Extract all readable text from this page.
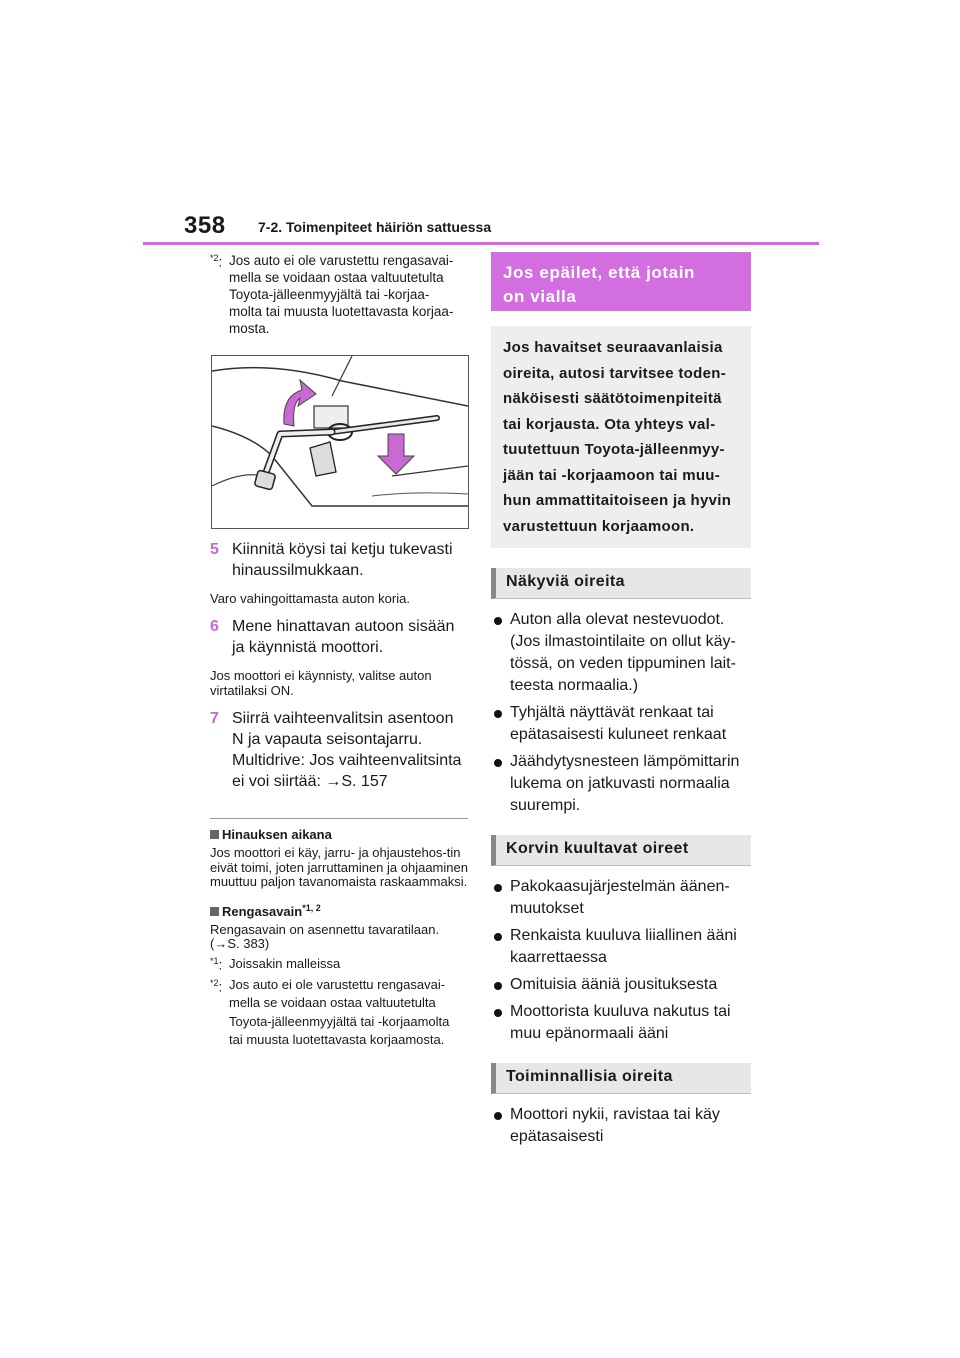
358 7-2. Toimenpiteet häiriön sattuessa
$^{*2}$: Jos auto ei ole varustettu rengasavai-
mella se voidaan ostaa valtuutetulta
Toyota-jälleenmyyjältä tai -korjaa-
molta tai muusta luotettavasta korjaa-
mosta.
5 Kiinnitä köysi tai ketju tukevasti
hinaussilmukkaan.
Varo vahingoittamasta auton koria.
6 Mene hinattavan autoon sisään
ja käynnistä moottori.
Jos moottori ei käynnisty, valitse auton virtatilaksi ON.
7 Siirrä vaihteenvalitsin asentoon
N ja vapauta seisontajarru.
Multidrive: Jos vaihteenvalitsinta
ei voi siirtää: →S. 157
Hinauksen aikana
Jos moottori ei käy, jarru- ja ohjaustehos-tin eivät toimi, joten jarruttaminen ja ohjaaminen muuttuu paljon tavanomaista raskaammaksi.
Rengasavain$^{*1, 2}$
Rengasavain on asennettu tavaratilaan.
(→S. 383)
$^{*1}$: Joissakin malleissa
$^{*2}$: Jos auto ei ole varustettu rengasavai-
mella se voidaan ostaa valtuutetulta
Toyota-jälleenmyyjältä tai -korjaamolta
tai muusta luotettavasta korjaamosta.
Jos epäilet, että jotain
on vialla
Jos havaitset seuraavanlaisia
oireita, autosi tarvitsee toden-
näköisesti säätötoimenpiteitä
tai korjausta. Ota yhteys val-
tuutettuun Toyota-jälleenmyy-
jään tai -korjaamoon tai muu-
hun ammattitaitoiseen ja hyvin
varustettuun korjaamoon.
Näkyviä oireita
Auton alla olevat nestevuodot.
(Jos ilmastointilaite on ollut käy-
tössä, on veden tippuminen lait-
teesta normaalia.)
Tyhjältä näyttävät renkaat tai
epätasaisesti kuluneet renkaat
Jäähdytysnesteen lämpömittarin
lukema on jatkuvasti normaalia
suurempi.
Korvin kuultavat oireet
Pakokaasujärjestelmän äänen-
muutokset
Renkaista kuuluva liiallinen ääni
kaarrettaessa
Omituisia ääniä jousituksesta
Moottorista kuuluva nakutus tai
muu epänormaali ääni
Toiminnallisia oireita
Moottori nykii, ravistaa tai käy
epätasaisesti
